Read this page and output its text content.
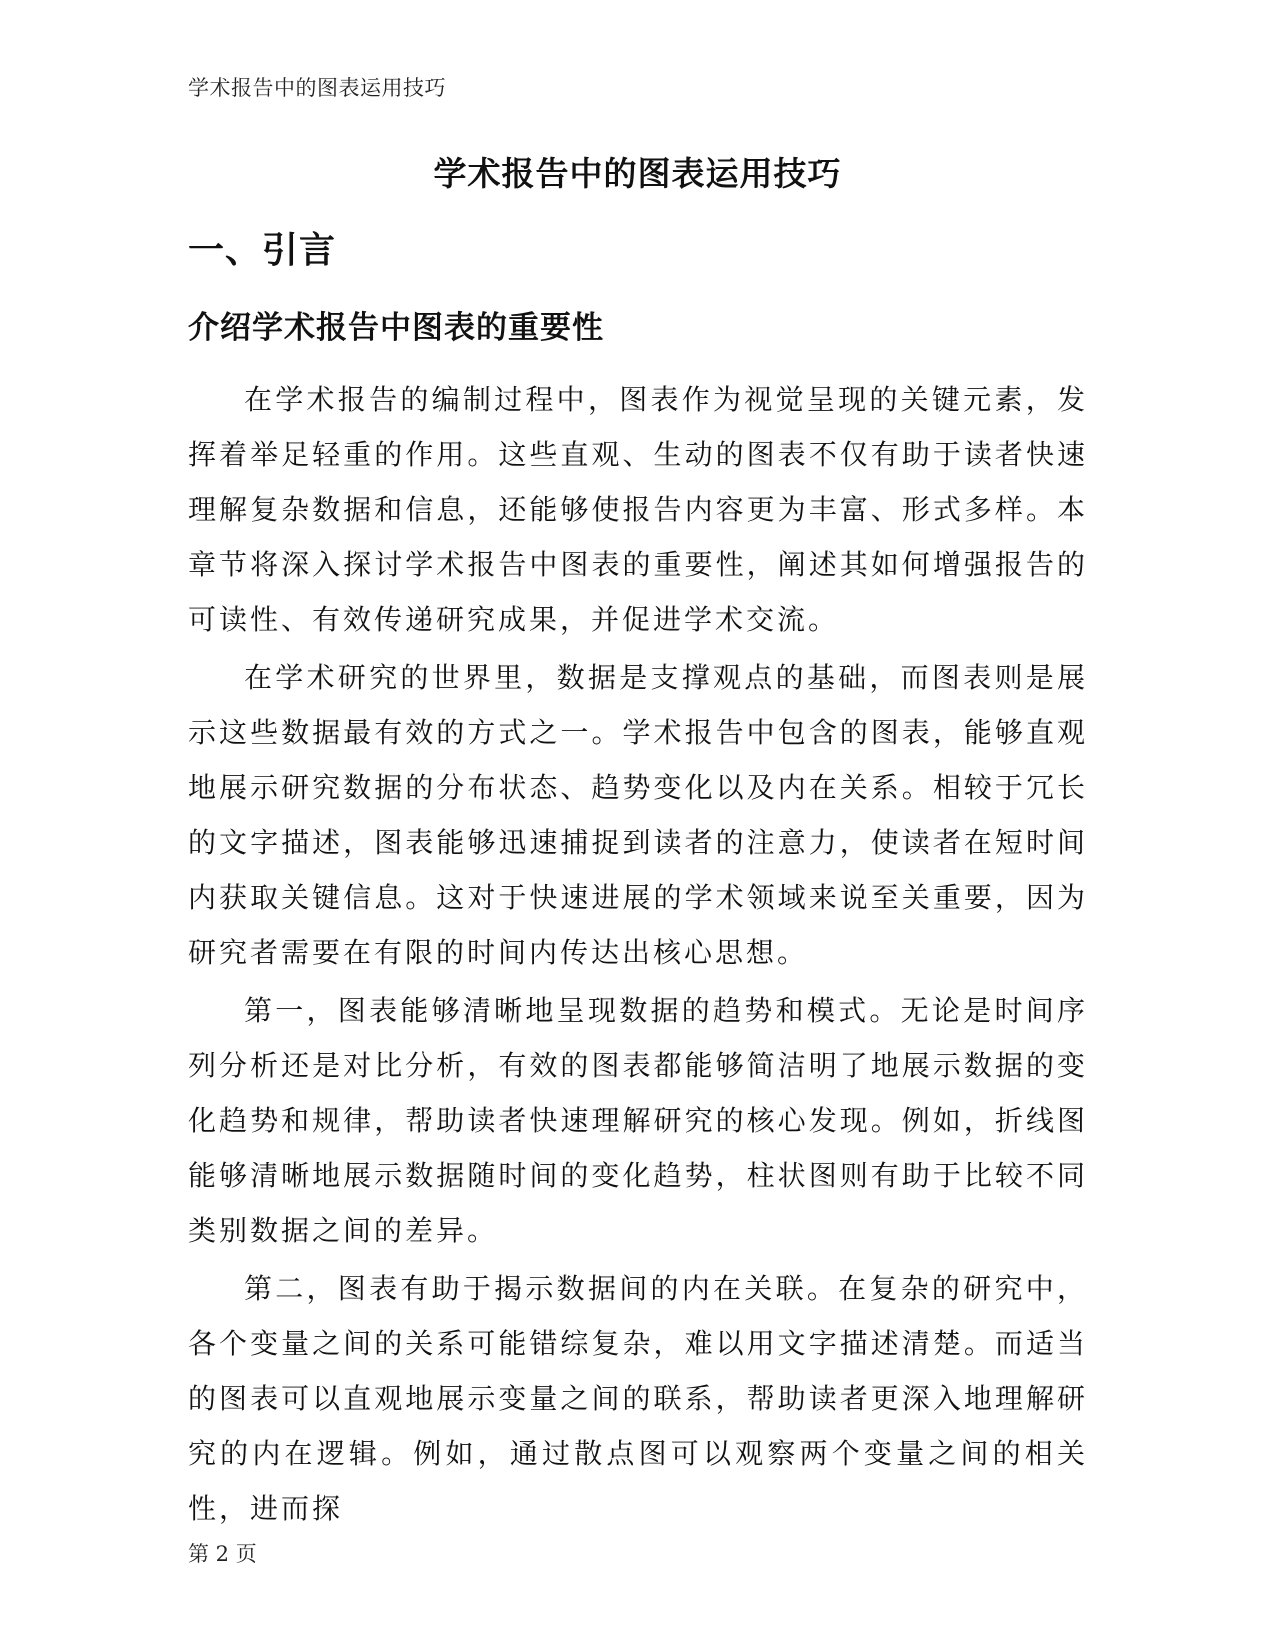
学术报告中的图表运用技巧
学术报告中的图表运用技巧
一、引言
介绍学术报告中图表的重要性

在学术报告的编制过程中，图表作为视觉呈现的关键元素，发挥着举足轻重的作用。这些直观、生动的图表不仅有助于读者快速理解复杂数据和信息，还能够使报告内容更为丰富、形式多样。本章节将深入探讨学术报告中图表的重要性，阐述其如何增强报告的可读性、有效传递研究成果，并促进学术交流。

在学术研究的世界里，数据是支撑观点的基础，而图表则是展示这些数据最有效的方式之一。学术报告中包含的图表，能够直观地展示研究数据的分布状态、趋势变化以及内在关系。相较于冗长的文字描述，图表能够迅速捕捉到读者的注意力，使读者在短时间内获取关键信息。这对于快速进展的学术领域来说至关重要，因为研究者需要在有限的时间内传达出核心思想。

第一，图表能够清晰地呈现数据的趋势和模式。无论是时间序列分析还是对比分析，有效的图表都能够简洁明了地展示数据的变化趋势和规律，帮助读者快速理解研究的核心发现。例如，折线图能够清晰地展示数据随时间的变化趋势，柱状图则有助于比较不同类别数据之间的差异。

第二，图表有助于揭示数据间的内在关联。在复杂的研究中，各个变量之间的关系可能错综复杂，难以用文字描述清楚。而适当的图表可以直观地展示变量之间的联系，帮助读者更深入地理解研究的内在逻辑。例如，通过散点图可以观察两个变量之间的相关性，进而探

第 2 页
